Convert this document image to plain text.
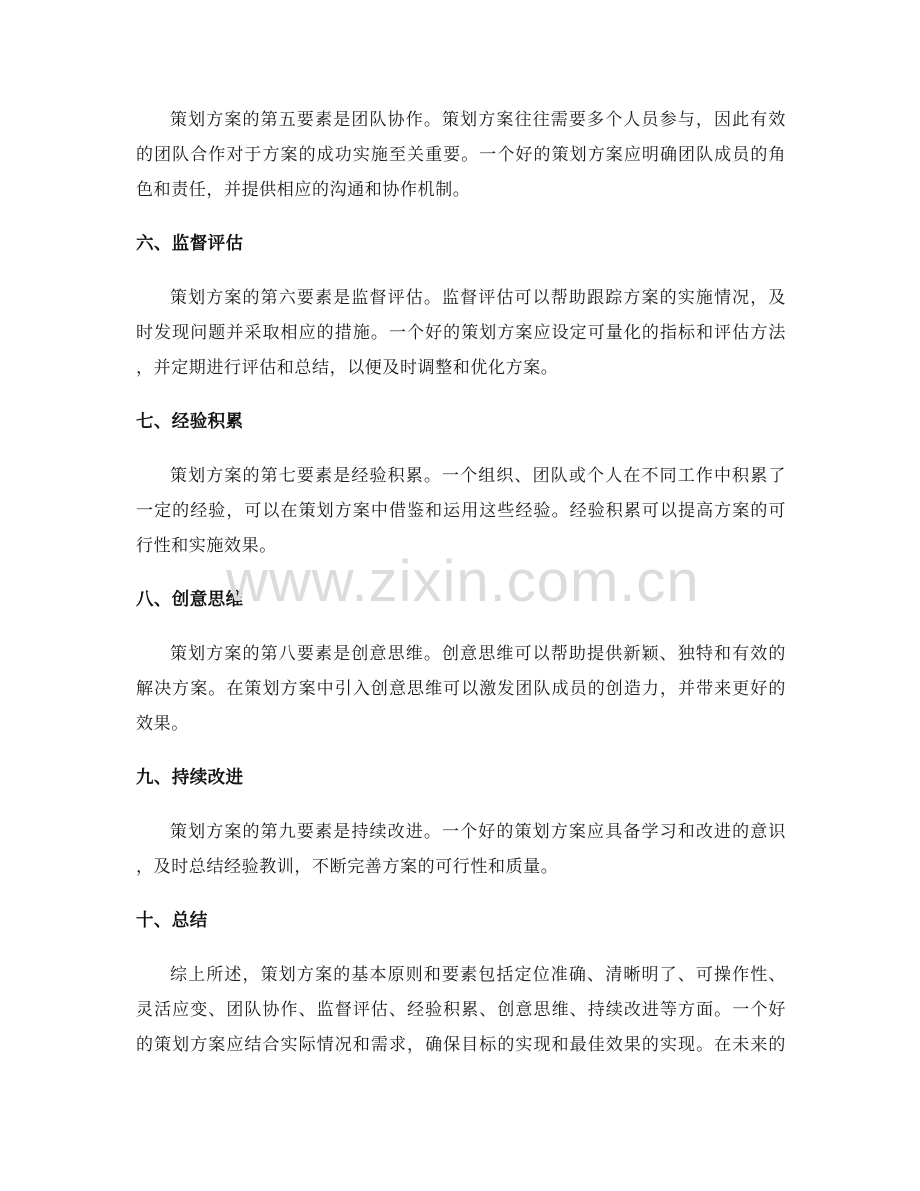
策划方案的第五要素是团队协作。策划方案往往需要多个人员参与，因此有效
的团队合作对于方案的成功实施至关重要。一个好的策划方案应明确团队成员的角
色和责任，并提供相应的沟通和协作机制。
六、监督评估
策划方案的第六要素是监督评估。监督评估可以帮助跟踪方案的实施情况，及
时发现问题并采取相应的措施。一个好的策划方案应设定可量化的指标和评估方法
，并定期进行评估和总结，以便及时调整和优化方案。
七、经验积累
策划方案的第七要素是经验积累。一个组织、团队或个人在不同工作中积累了
一定的经验，可以在策划方案中借鉴和运用这些经验。经验积累可以提高方案的可
行性和实施效果。
八、创意思维
策划方案的第八要素是创意思维。创意思维可以帮助提供新颖、独特和有效的
解决方案。在策划方案中引入创意思维可以激发团队成员的创造力，并带来更好的
效果。
九、持续改进
策划方案的第九要素是持续改进。一个好的策划方案应具备学习和改进的意识
，及时总结经验教训，不断完善方案的可行性和质量。
十、总结
综上所述，策划方案的基本原则和要素包括定位准确、清晰明了、可操作性、
灵活应变、团队协作、监督评估、经验积累、创意思维、持续改进等方面。一个好
的策划方案应结合实际情况和需求，确保目标的实现和最佳效果的实现。在未来的
www.zixin.com.cn
